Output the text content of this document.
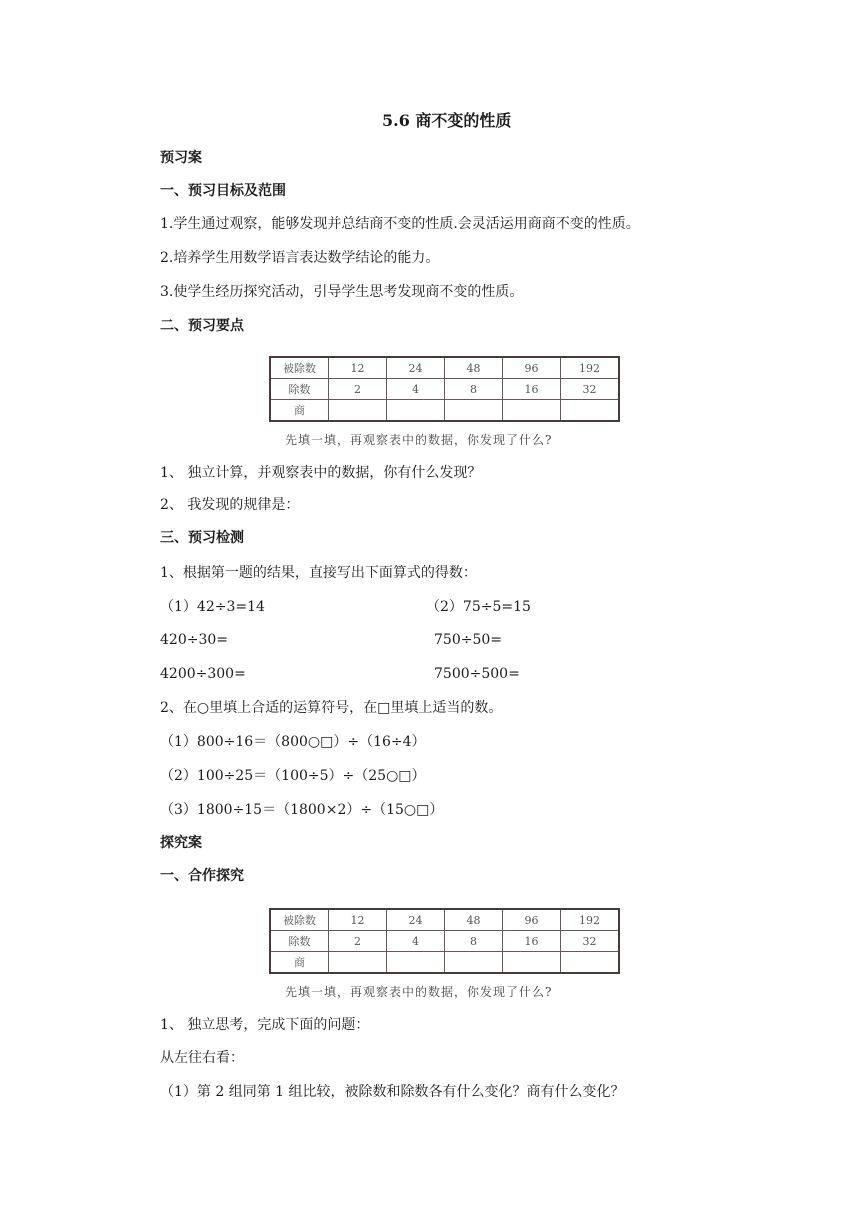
5.6 商不变的性质
预习案
一、预习目标及范围
1.学生通过观察，能够发现并总结商不变的性质.会灵活运用商商不变的性质。
2.培养学生用数学语言表达数学结论的能力。
3.使学生经历探究活动，引导学生思考发现商不变的性质。
二、预习要点
被除数	12	24	48	96	192
除数	2	4	8	16	32
商					
先填一填，再观察表中的数据，你发现了什么?
1、 独立计算，并观察表中的数据，你有什么发现？
2、 我发现的规律是：
三、预习检测
1、根据第一题的结果，直接写出下面算式的得数：
（1）42÷3=14	（2）75÷5=15
420÷30=	750÷50=
4200÷300=	7500÷500=
2、在○里填上合适的运算符号，在□里填上适当的数。
（1）800÷16＝（800○□）÷（16÷4）
（2）100÷25＝（100÷5）÷（25○□）
（3）1800÷15＝（1800×2）÷（15○□）
探究案
一、合作探究
被除数	12	24	48	96	192
除数	2	4	8	16	32
商					
先填一填，再观察表中的数据，你发现了什么?
1、 独立思考，完成下面的问题：
从左往右看：
（1）第 2 组同第 1 组比较，被除数和除数各有什么变化？商有什么变化？
